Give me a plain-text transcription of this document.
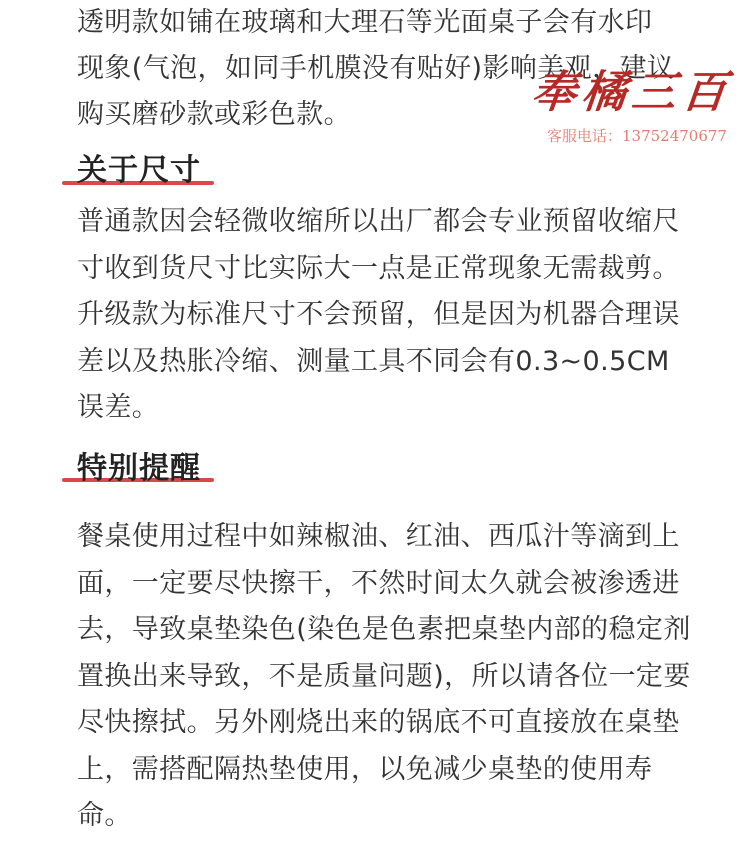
透明款如铺在玻璃和大理石等光面桌子会有水印现象(气泡，如同手机膜没有贴好)影响美观，建议购买磨砂款或彩色款。	奉橘三百
客服电话：13752470677
关于尺寸

普通款因会轻微收缩所以出厂都会专业预留收缩尺寸收到货尺寸比实际大一点是正常现象无需裁剪。升级款为标准尺寸不会预留，但是因为机器合理误差以及热胀冷缩、测量工具不同会有0.3~0.5CM误差。

特别提醒

餐桌使用过程中如辣椒油、红油、西瓜汁等滴到上面，一定要尽快擦干，不然时间太久就会被渗透进去，导致桌垫染色(染色是色素把桌垫内部的稳定剂置换出来导致，不是质量问题)，所以请各位一定要尽快擦拭。另外刚烧出来的锅底不可直接放在桌垫上，需搭配隔热垫使用，以免减少桌垫的使用寿命。
